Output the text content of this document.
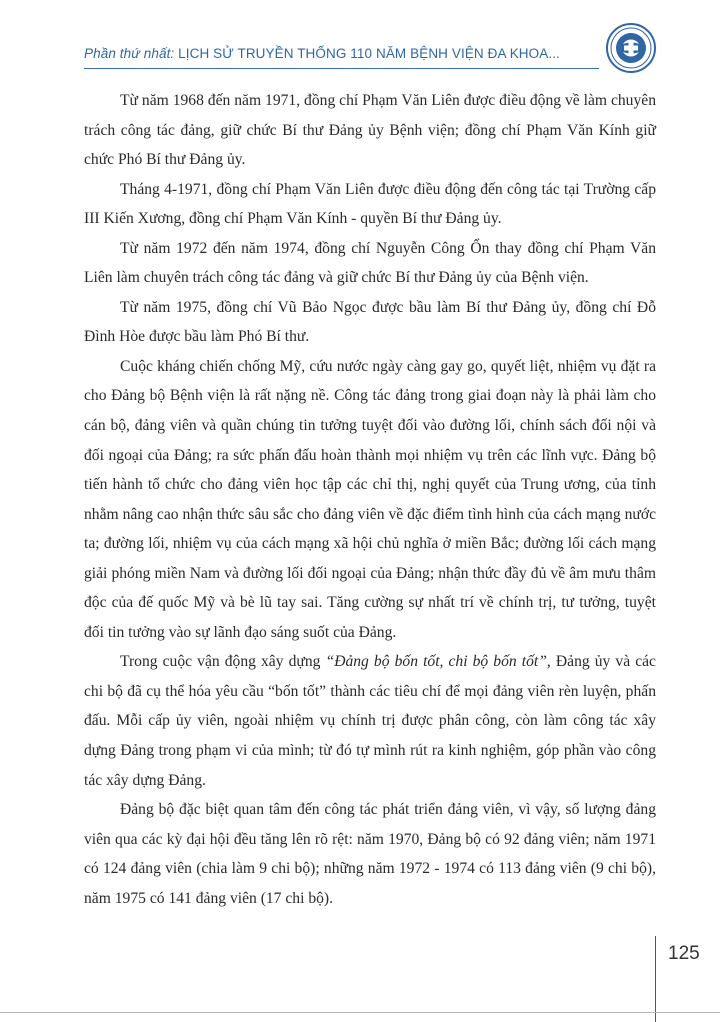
Phần thứ nhất: LỊCH SỬ TRUYỀN THỐNG 110 NĂM BỆNH VIỆN ĐA KHOA...

Từ năm 1968 đến năm 1971, đồng chí Phạm Văn Liên được điều động về làm chuyên trách công tác đảng, giữ chức Bí thư Đảng ủy Bệnh viện; đồng chí Phạm Văn Kính giữ chức Phó Bí thư Đảng ủy.

Tháng 4-1971, đồng chí Phạm Văn Liên được điều động đến công tác tại Trường cấp III Kiến Xương, đồng chí Phạm Văn Kính - quyền Bí thư Đảng ủy.

Từ năm 1972 đến năm 1974, đồng chí Nguyễn Công Ổn thay đồng chí Phạm Văn Liên làm chuyên trách công tác đảng và giữ chức Bí thư Đảng ủy của Bệnh viện.

Từ năm 1975, đồng chí Vũ Bảo Ngọc được bầu làm Bí thư Đảng ủy, đồng chí Đỗ Đình Hòe được bầu làm Phó Bí thư.

Cuộc kháng chiến chống Mỹ, cứu nước ngày càng gay go, quyết liệt, nhiệm vụ đặt ra cho Đảng bộ Bệnh viện là rất nặng nề. Công tác đảng trong giai đoạn này là phải làm cho cán bộ, đảng viên và quần chúng tin tưởng tuyệt đối vào đường lối, chính sách đối nội và đối ngoại của Đảng; ra sức phấn đấu hoàn thành mọi nhiệm vụ trên các lĩnh vực. Đảng bộ tiến hành tổ chức cho đảng viên học tập các chỉ thị, nghị quyết của Trung ương, của tỉnh nhằm nâng cao nhận thức sâu sắc cho đảng viên về đặc điểm tình hình của cách mạng nước ta; đường lối, nhiệm vụ của cách mạng xã hội chủ nghĩa ở miền Bắc; đường lối cách mạng giải phóng miền Nam và đường lối đối ngoại của Đảng; nhận thức đầy đủ về âm mưu thâm độc của đế quốc Mỹ và bè lũ tay sai. Tăng cường sự nhất trí về chính trị, tư tưởng, tuyệt đối tin tưởng vào sự lãnh đạo sáng suốt của Đảng.

Trong cuộc vận động xây dựng “Đảng bộ bốn tốt, chi bộ bốn tốt”, Đảng ủy và các chi bộ đã cụ thể hóa yêu cầu “bốn tốt” thành các tiêu chí để mọi đảng viên rèn luyện, phấn đấu. Mỗi cấp ủy viên, ngoài nhiệm vụ chính trị được phân công, còn làm công tác xây dựng Đảng trong phạm vi của mình; từ đó tự mình rút ra kinh nghiệm, góp phần vào công tác xây dựng Đảng.

Đảng bộ đặc biệt quan tâm đến công tác phát triển đảng viên, vì vậy, số lượng đảng viên qua các kỳ đại hội đều tăng lên rõ rệt: năm 1970, Đảng bộ có 92 đảng viên; năm 1971 có 124 đảng viên (chia làm 9 chi bộ); những năm 1972 - 1974 có 113 đảng viên (9 chi bộ), năm 1975 có 141 đảng viên (17 chi bộ).

125
